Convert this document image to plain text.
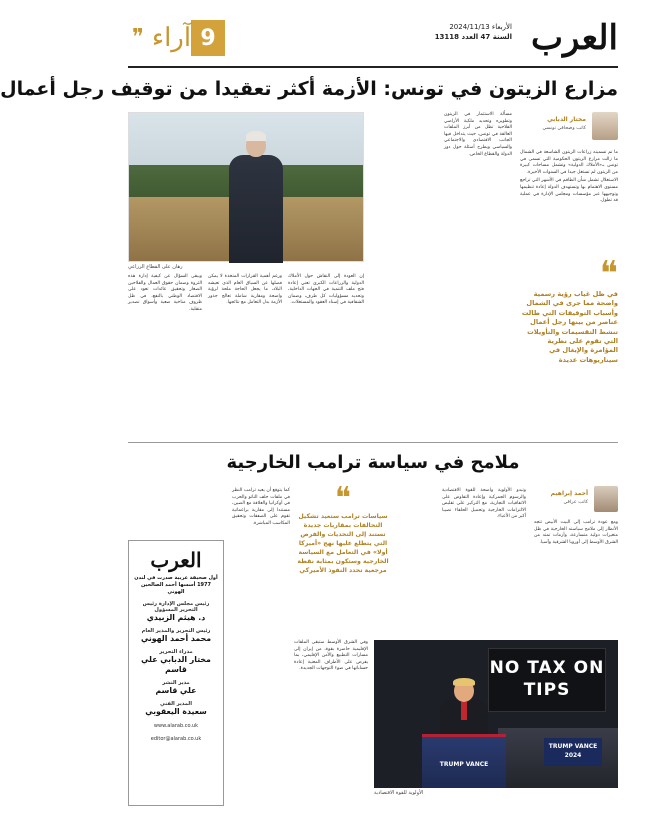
العرب
الأربعاء 2024/11/13
السنة 47 العدد 13118
9
آراء
❞
مزارع الزيتون في تونس: الأزمة أكثر تعقيدا من توقيف رجل أعمال
مختار الدبابي
كاتب وصحافي تونسي

ما تم تسميته زراعات الزيتون الشاسعة في الشمال ما زالت مزارع الزيتون الحكومية التي تسمى في تونس بـ«الأملاك الدولية» وتشمل مساحات كبيرة من الزيتون لم تستغل جيدا في السنوات الأخيرة.

الاستغلال تشمل شأن الطاقم في الأشهر التي تراجع مستوى الاهتمام بها وتستهدف الدولة إعادة تنظيمها وتوجيهها عبر مؤسسات ومجلس الإدارة في عملية قد تطول.

❝
في ظل غياب رؤية رسمية واضحة مما جرى في الشمال وأسباب التوقيفات التي طالت عناصر من بينها رجل أعمال تنشط التقسيمات والتأويلات التي تقوم على نظرية المؤامرة والإيغال في سيناريوهات عديدة

مسألة الاستثمار في الزيتون وتطويره وتحديد ملكية الأراضي الفلاحية تظل من أبرز الملفات العالقة في تونس، حيث يتداخل فيها الجانب الاقتصادي والاجتماعي والسياسي ويطرح أسئلة حول دور الدولة والقطاع الخاص.

رهان على القطاع الزراعي

ويبقى السؤال عن كيفية إدارة هذه الثروة وضمان حقوق العمال والفلاحين الصغار وتحقيق عائدات تعود على الاقتصاد الوطني بالنفع، في ظل ظروف مناخية صعبة وأسواق تصدير متقلبة.

ورغم أهمية القرارات المتخذة لا يمكن فصلها عن السياق العام الذي تعيشه البلاد، ما يجعل الحاجة ملحة لرؤية واضحة ومقاربة شاملة تعالج جذور الأزمة بدل التعامل مع نتائجها.

إن العودة إلى النقاش حول الأملاك الدولية والزراعات الكبرى تعني إعادة فتح ملف التنمية في الجهات الداخلية، وتحديد مسؤوليات كل طرف، وضمان الشفافية في إسناد العقود والمستغلات.

ملامح في سياسة ترامب الخارجية
أحمد إبراهيم
كاتب عراقي

ومع عودة ترامب إلى البيت الأبيض تتجه الأنظار إلى ملامح سياسته الخارجية في ظل متغيرات دولية متسارعة، وأزمات تمتد من الشرق الأوسط إلى أوروبا الشرقية وآسيا.

وتبدو الأولوية واضحة للقوة الاقتصادية والرسوم الجمركية وإعادة التفاوض على الاتفاقيات التجارية، مع التركيز على تقليص الالتزامات الخارجية وتحميل الحلفاء نصيبا أكبر من الأعباء.

❝
سياسات ترامب ستعيد تشكيل التحالفات بمقاربات جديدة تستند إلى التحديات والفرص التي يتطلع عليها نهج «أميركا أولا» في التعامل مع السياسة الخارجية وستكون بمثابة نقطة مرجعية تحدد النفوذ الأميركي

كما يتوقع أن يعيد ترامب النظر في ملفات حلف الناتو والحرب في أوكرانيا والعلاقة مع الصين، مستندا إلى مقاربة براغماتية تقوم على الصفقات وتحقيق المكاسب المباشرة.

وفي الشرق الأوسط ستبقى الملفات الإقليمية حاضرة بقوة، من إيران إلى مسارات التطبيع والأمن الإقليمي، بما يفرض على الأطراف المعنية إعادة حساباتها في ضوء التوجهات الجديدة.	NO TAX ON TIPS
TRUMP VANCE 2024
TRUMP VANCE
الأولوية للقوة الاقتصادية
العرب
أول صحيفة عربية صدرت في لندن 1977 أسسها أحمد الصالحين الهوني
رئيس مجلس الإدارة رئيس التحرير المسؤول
د. هيثم الزبيدي
رئيس التحرير والمدير العام
محمد أحمد الهوني
مدراء التحرير
مختار الدبابي علي قاسم
مدير النشر
علي قاسم
المدير الفني
سعيدة اليعقوبي
www.alarab.co.uk
editor@alarab.co.uk
